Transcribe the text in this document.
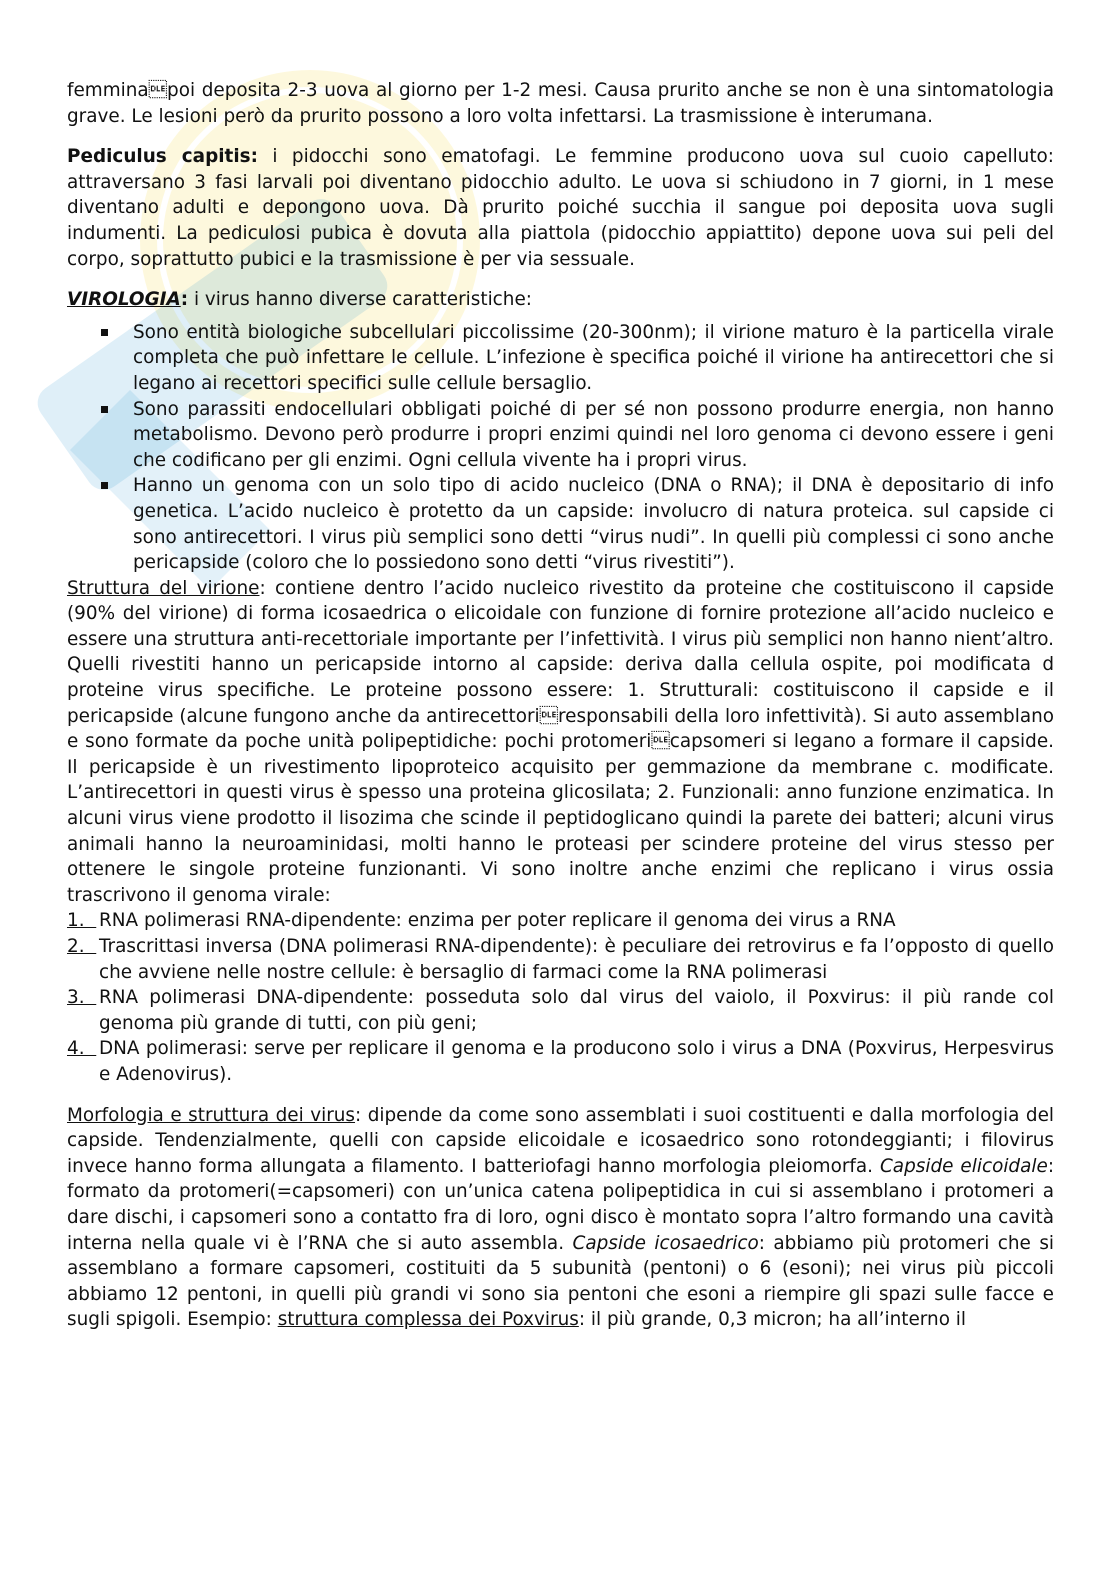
femminapoi deposita 2-3 uova al giorno per 1-2 mesi. Causa prurito anche se non è una sintomatologia grave. Le lesioni però da prurito possono a loro volta infettarsi. La trasmissione è interumana.

Pediculus capitis: i pidocchi sono ematofagi. Le femmine producono uova sul cuoio capelluto: attraversano 3 fasi larvali poi diventano pidocchio adulto. Le uova si schiudono in 7 giorni, in 1 mese diventano adulti e depongono uova. Dà prurito poiché succhia il sangue poi deposita uova sugli indumenti. La pediculosi pubica è dovuta alla piattola (pidocchio appiattito) depone uova sui peli del corpo, soprattutto pubici e la trasmissione è per via sessuale.

VIROLOGIA: i virus hanno diverse caratteristiche:

Sono entità biologiche subcellulari piccolissime (20-300nm); il virione maturo è la particella virale completa che può infettare le cellule. L’infezione è specifica poiché il virione ha antirecettori che si legano ai recettori specifici sulle cellule bersaglio.
Sono parassiti endocellulari obbligati poiché di per sé non possono produrre energia, non hanno metabolismo. Devono però produrre i propri enzimi quindi nel loro genoma ci devono essere i geni che codificano per gli enzimi. Ogni cellula vivente ha i propri virus.
Hanno un genoma con un solo tipo di acido nucleico (DNA o RNA); il DNA è depositario di info genetica. L’acido nucleico è protetto da un capside: involucro di natura proteica. sul capside ci sono antirecettori. I virus più semplici sono detti “virus nudi”. In quelli più complessi ci sono anche pericapside (coloro che lo possiedono sono detti “virus rivestiti”).

Struttura del virione: contiene dentro l’acido nucleico rivestito da proteine che costituiscono il capside (90% del virione) di forma icosaedrica o elicoidale con funzione di fornire protezione all’acido nucleico e essere una struttura anti-recettoriale importante per l’infettività. I virus più semplici non hanno nient’altro. Quelli rivestiti hanno un pericapside intorno al capside: deriva dalla cellula ospite, poi modificata d proteine virus specifiche. Le proteine possono essere: 1. Strutturali: costituiscono il capside e il pericapside (alcune fungono anche da antirecettoriresponsabili della loro infettività). Si auto assemblano e sono formate da poche unità polipeptidiche: pochi protomericapsomeri si legano a formare il capside. Il pericapside è un rivestimento lipoproteico acquisito per gemmazione da membrane c. modificate. L’antirecettori in questi virus è spesso una proteina glicosilata; 2. Funzionali: anno funzione enzimatica. In alcuni virus viene prodotto il lisozima che scinde il peptidoglicano quindi la parete dei batteri; alcuni virus animali hanno la neuroaminidasi, molti hanno le proteasi per scindere proteine del virus stesso per ottenere le singole proteine funzionanti. Vi sono inoltre anche enzimi che replicano i virus ossia trascrivono il genoma virale:

1. RNA polimerasi RNA-dipendente: enzima per poter replicare il genoma dei virus a RNA
2. Trascrittasi inversa (DNA polimerasi RNA-dipendente): è peculiare dei retrovirus e fa l’opposto di quello che avviene nelle nostre cellule: è bersaglio di farmaci come la RNA polimerasi
3. RNA polimerasi DNA-dipendente: posseduta solo dal virus del vaiolo, il Poxvirus: il più rande col genoma più grande di tutti, con più geni;
4. DNA polimerasi: serve per replicare il genoma e la producono solo i virus a DNA (Poxvirus, Herpesvirus e Adenovirus).

Morfologia e struttura dei virus: dipende da come sono assemblati i suoi costituenti e dalla morfologia del capside. Tendenzialmente, quelli con capside elicoidale e icosaedrico sono rotondeggianti; i filovirus invece hanno forma allungata a filamento. I batteriofagi hanno morfologia pleiomorfa. Capside elicoidale: formato da protomeri(=capsomeri) con un’unica catena polipeptidica in cui si assemblano i protomeri a dare dischi, i capsomeri sono a contatto fra di loro, ogni disco è montato sopra l’altro formando una cavità interna nella quale vi è l’RNA che si auto assembla. Capside icosaedrico: abbiamo più protomeri che si assemblano a formare capsomeri, costituiti da 5 subunità (pentoni) o 6 (esoni); nei virus più piccoli abbiamo 12 pentoni, in quelli più grandi vi sono sia pentoni che esoni a riempire gli spazi sulle facce e sugli spigoli. Esempio: struttura complessa dei Poxvirus: il più grande, 0,3 micron; ha all’interno il
